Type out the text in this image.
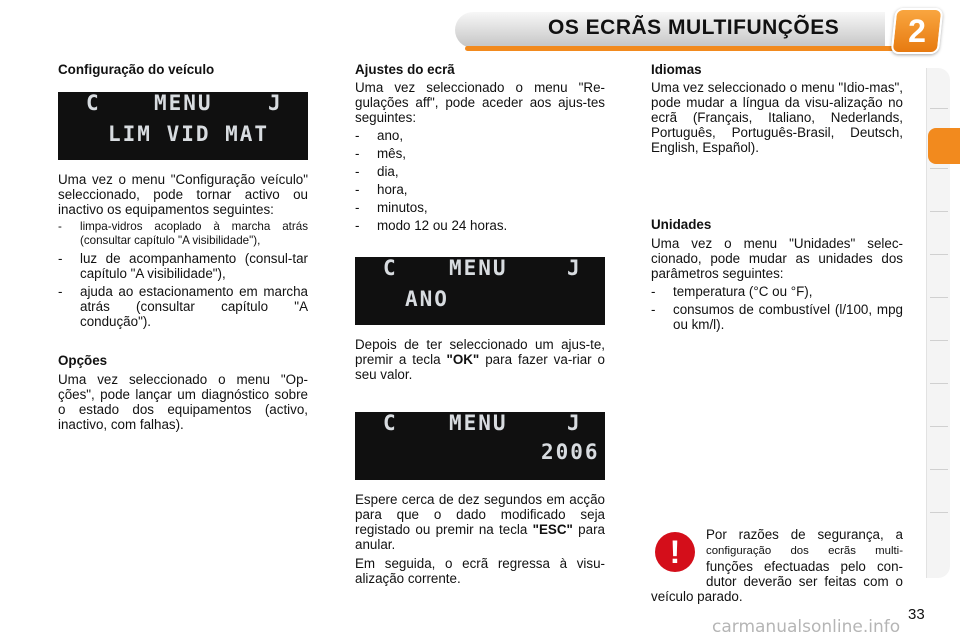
OS ECRÃS MULTIFUNÇÕES	2
Configuração do veículo
C	MENU	J
LIM VID MAT

Uma vez o menu "Configuração veículo" seleccionado, pode tornar activo ou inactivo os equipamentos seguintes:

- limpa-vidros acoplado à marcha atrás (consultar capítulo "A visibilidade"),
- luz de acompanhamento (consul-tar capítulo "A visibilidade"),
- ajuda ao estacionamento em marcha atrás (consultar capítulo "A condução").
Opções

Uma vez seleccionado o menu "Op-ções", pode lançar um diagnóstico sobre o estado dos equipamentos (activo, inactivo, com falhas).

Ajustes do ecrã

Uma vez seleccionado o menu "Re-gulações aff", pode aceder aos ajus-tes seguintes:

- ano,
- mês,
- dia,
- hora,
- minutos,
- modo 12 ou 24 horas.
C MENU	J
ANO

Depois de ter seleccionado um ajus-te, premir a tecla "OK" para fazer va-riar o seu valor.

C MENU	J
2006

Espere cerca de dez segundos em acção para que o dado modificado seja registado ou premir na tecla "ESC" para anular.

Em seguida, o ecrã regressa à visu-alização corrente.

Idiomas

Uma vez seleccionado o menu "Idio-mas", pode mudar a língua da visu-alização no ecrã (Français, Italiano, Nederlands, Português, Português-Brasil, Deutsch, English, Español).

Unidades

Uma vez o menu "Unidades" selec-cionado, pode mudar as unidades dos parâmetros seguintes:

- temperatura (°C ou °F),
- consumos de combustível (l/100, mpg ou km/l).
Por razões de segurança, a configuração dos ecrãs multi- funções efectuadas pelo con-dutor deverão ser feitas com o veículo parado.
!
33
carmanualsonline.info
